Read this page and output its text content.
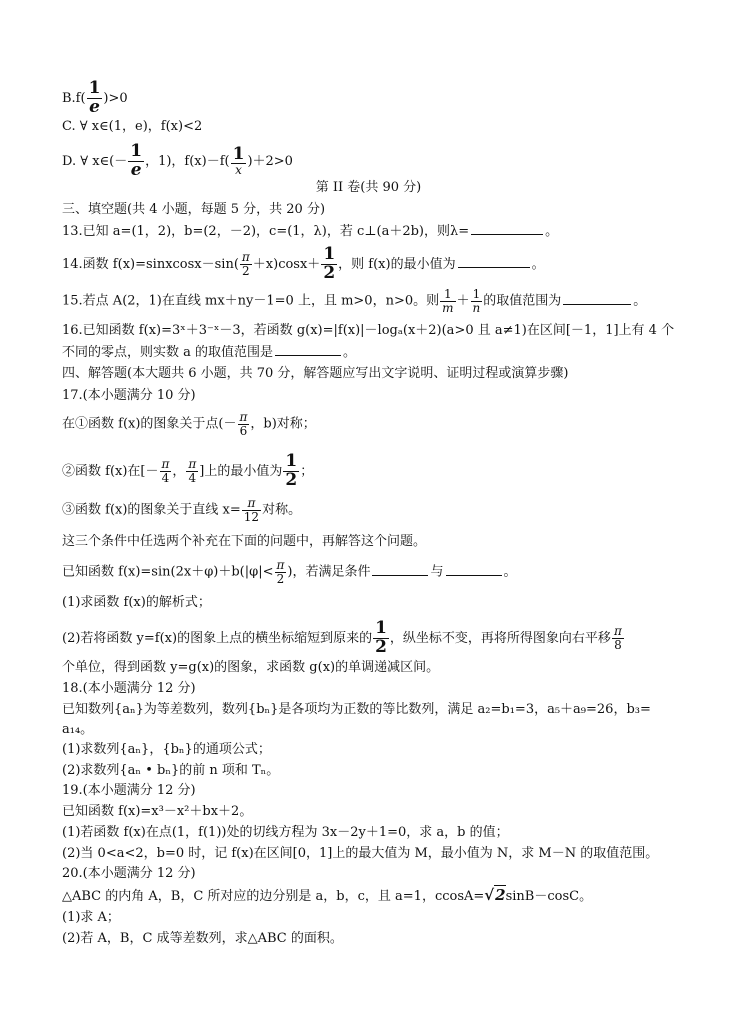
$B.f( \frac{1}{e} )>0$
C. ∀ x∈(1，e)，f(x)<2
D. ∀ x∈(－ $\frac{1}{e}$ ，1)，$f(x)-f( \frac{1}{x} )+2>0$
第 II 卷(共 90 分)
三、填空题(共 4 小题，每题 5 分，共 20 分)
13.已知 a=(1，2)，b=(2，－2)，c=(1，λ)，若 c⊥(a＋2b)，则λ=	。
14.函数 f(x)=sinxcosx－sin( $\frac{\pi}{2} +x)\cos x+ \frac{1}{2}$ ，则 f(x)的最小值为	。
15.若点 A(2，1)在直线 mx＋ny－1=0 上，且 m>0，n>0。则 $\frac{1}{m} + \frac{1}{n}$ 的取值范围为	。
16.已知函数 f(x)=3ˣ＋3⁻ˣ－3，若函数 g(x)=|f(x)|－logₐ(x＋2)(a>0 且 a≠1)在区间[－1，1]上有 4 个
不同的零点，则实数 a 的取值范围是	。
四、解答题(本大题共 6 小题，共 70 分，解答题应写出文字说明、证明过程或演算步骤)
17.(本小题满分 10 分)
在①函数 f(x)的图象关于点(－ $\frac{\pi}{6}$ ，b)对称；
②函数 f(x)在[－ $\frac{\pi}{4}$ ， $\frac{\pi}{4}$ ]上的最小值为 $\frac{1}{2}$ ；
③函数 f(x)的图象关于直线 $x= \frac{\pi}{12}$ 对称。
这三个条件中任选两个补充在下面的问题中，再解答这个问题。
已知函数 $f(x)=\sin(2x+\varphi)+b(|\varphi|< \frac{\pi}{2}$ )，若满足条件	与	。
(1)求函数 f(x)的解析式；
(2)若将函数 y=f(x)的图象上点的横坐标缩短到原来的 $\frac{1}{2}$ ，纵坐标不变，再将所得图象向右平移 $\frac{\pi}{8}$
个单位，得到函数 y=g(x)的图象，求函数 g(x)的单调递减区间。
18.(本小题满分 12 分)
已知数列{aₙ}为等差数列，数列{bₙ}是各项均为正数的等比数列，满足 a₂=b₁=3，a₅＋a₉=26，b₃=
a₁₄。
(1)求数列{aₙ}，{bₙ}的通项公式；
(2)求数列{aₙ • bₙ}的前 n 项和 Tₙ。
19.(本小题满分 12 分)
已知函数 f(x)=x³－x²＋bx＋2。
(1)若函数 f(x)在点(1，f(1))处的切线方程为 3x－2y＋1=0，求 a，b 的值；
(2)当 0<a<2，b=0 时，记 f(x)在区间[0，1]上的最大值为 M，最小值为 N，求 M－N 的取值范围。
20.(本小题满分 12 分)
△ABC 的内角 A，B，C 所对应的边分别是 a，b，c，且 a=1，ccosA=√2sinB－cosC。
(1)求 A；
(2)若 A，B，C 成等差数列，求△ABC 的面积。
